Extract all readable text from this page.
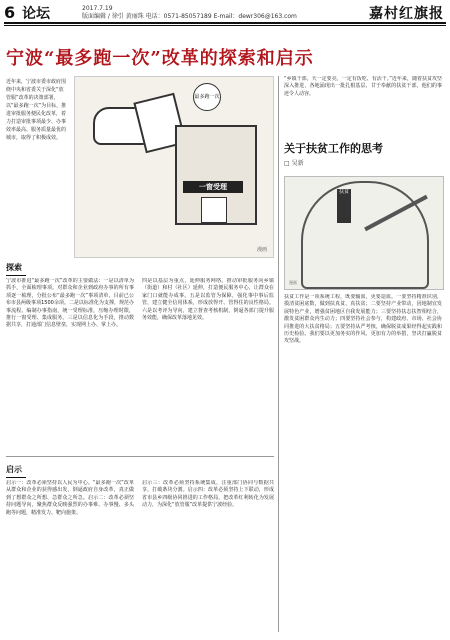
6 论坛	2017.7.19
版面编辑 / 徐引 黄丽珠 电话：0571-85057189 E-mail：dewr306@163.com	嘉村红旗报
宁波“最多跑一次”改革的探索和启示
近年来，宁波市委市政府围绕中央和省委关于深化“放管服”改革的决策部署，以“最多跑一次”为目标，推进审批服务便民化改革，着力打造审批事项最少、办事效率最高、服务质量最优的城市，取得了积极成效。
最多跑一次
一窗受理
漫画
探索
宁波市推进“最多跑一次”改革的主要做法：一是以清单为抓手，全面梳理事项。对群众和企业到政府办事的所有事项逐一梳理，分批公布“最多跑一次”事项清单，目前已公布市县两级事项1500余项。二是以标准化为支撑，规范办事流程。编制办事指南，统一受理标准，压缩办理时限，推行一窗受理、集成服务。三是以信息化为手段，推动数据共享，打通部门信息壁垒，实现网上办、掌上办。
四是以基层为重点，延伸服务网络。推动审批服务向乡镇（街道）和村（社区）延伸，打造便民服务中心，让群众在家门口就能办成事。五是以监管为保障，强化事中事后监管，建立健全信用体系，形成放得开、管得住的良性格局。六是以考评为导向，建立督查考核机制，倒逼各部门提升服务效能，确保改革落地见效。
启示
启示一：改革必须坚持以人民为中心。“最多跑一次”改革从群众和企业的获得感出发，倒逼政府自身改革，真正做到了想群众之所想、急群众之所急。启示二：改革必须坚持问题导向，聚焦群众反映强烈的办事难、办事慢、多头跑等问题，精准发力、靶向施策。
启示三：改革必须坚持系统集成，注重部门协同与数据共享，打破条块分割。启示四：改革必须坚持上下联动，形成省市县乡四级协同推进的工作格局，把改革红利转化为发展动力，为深化“放管服”改革提供宁波经验。
“乡镇干部，天一定要亮，一定有饭吃、有活干。”近年来，随着扶贫攻坚深入推进，各地涌现出一批扎根基层、甘于奉献的扶贫干部，他们的事迹令人动容。
关于扶贫工作的思考
□ 吴新
扶贫
漫画
扶贫工作是一项系统工程，既要输血，更要造血。一要坚持精准识别，摸清贫困底数，做到扶真贫、真扶贫；二要坚持产业带动，因地制宜发展特色产业，增强贫困地区自我发展能力；三要坚持扶志扶智相结合，激发贫困群众内生动力；四要坚持社会参与，构建政府、市场、社会协同推进的大扶贫格局；五要坚持从严考核，确保脱贫成果经得起实践和历史检验。我们要以更加务实的作风、更加有力的举措，坚决打赢脱贫攻坚战。
